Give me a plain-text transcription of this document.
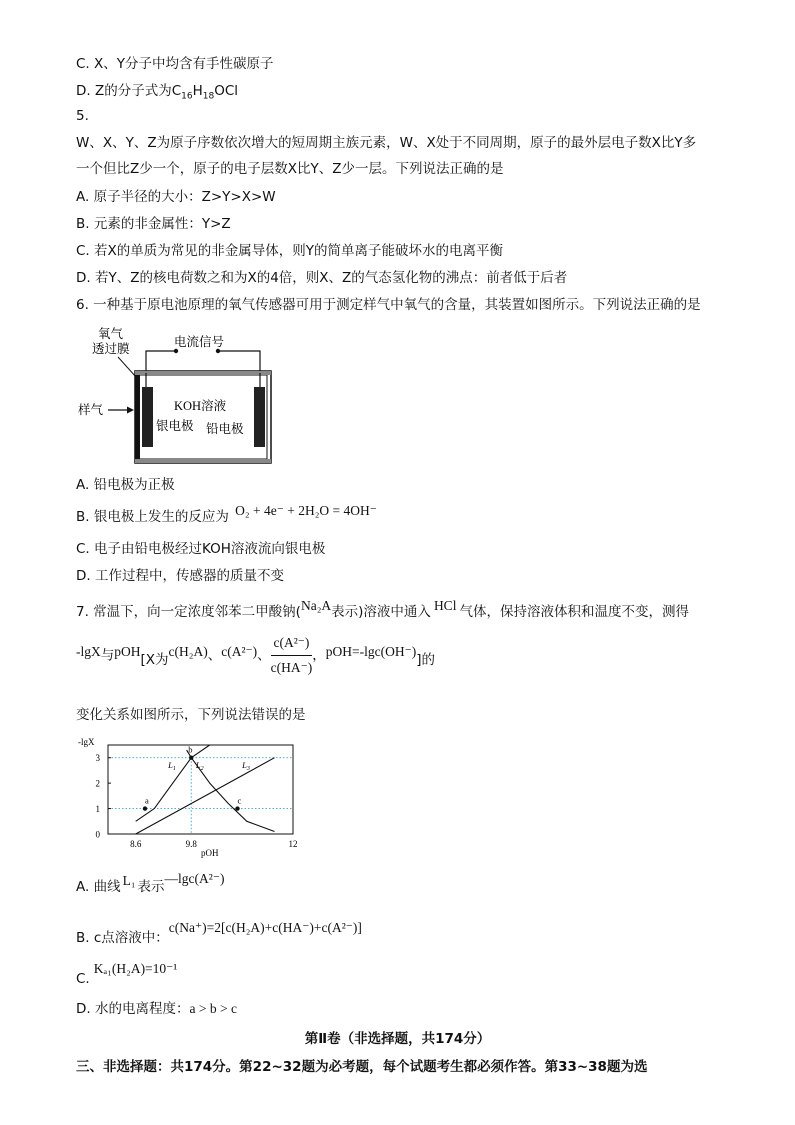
C. X、Y分子中均含有手性碳原子
D. Z的分子式为$C_{16}H_{18}OCl$
5.
W、X、Y、Z为原子序数依次增大的短周期主族元素，W、X处于不同周期，原子的最外层电子数X比Y多
一个但比Z少一个，原子的电子层数X比Y、Z少一层。下列说法正确的是
A. 原子半径的大小：Z>Y>X>W
B. 元素的非金属性：Y>Z
C. 若X的单质为常见的非金属导体，则Y的简单离子能破坏水的电离平衡
D. 若Y、Z的核电荷数之和为X的4倍，则X、Z的气态氢化物的沸点：前者低于后者
6. 一种基于原电池原理的氧气传感器可用于测定样气中氧气的含量，其装置如图所示。下列说法正确的是
电流信号
氧气
透过膜
样气	KOH溶液
银电极 铅电极
A. 铅电极为正极
B. 银电极上发生的反应为 O₂ + 4e⁻ + 2H₂O = 4OH⁻
C. 电子由铅电极经过KOH溶液流向银电极
D. 工作过程中，传感器的质量不变
7. 常温下，向一定浓度邻苯二甲酸钠(Na₂A表示)溶液中通入 HCl 气体，保持溶液体积和温度不变，测得
-lgX与pOH[X为c(H₂A)、c(A²⁻)、 $\frac{\text{c(A²⁻)}}{c(HA^-)}$ ，pOH=-lgc(OH⁻)]的
变化关系如图所示，下列说法错误的是
0
1
2
3
8.6	9.8	12
-lgX
pOH
$L_1$ $L_2$	$L_3$
a
b
c
A. 曲线 L₁ 表示—lgc(A²⁻)
B. c点溶液中：c(Na⁺)=2[c(H₂A)+c(HA⁻)+c(A²⁻)]
C.Kₐ₁(H₂A)=10⁻¹
D. 水的电离程度：a > b > c
第Ⅱ卷（非选择题，共174分）
三、非选择题：共174分。第22~32题为必考题，每个试题考生都必须作答。第33~38题为选
